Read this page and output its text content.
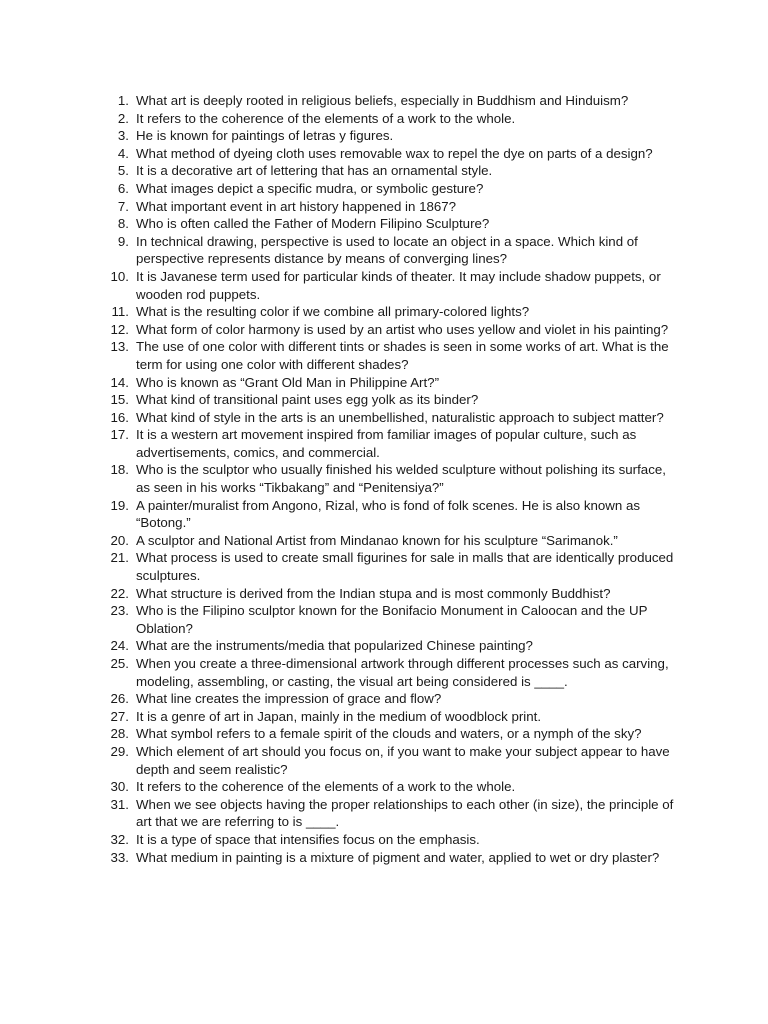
1. What art is deeply rooted in religious beliefs, especially in Buddhism and Hinduism?
2. It refers to the coherence of the elements of a work to the whole.
3. He is known for paintings of letras y figures.
4. What method of dyeing cloth uses removable wax to repel the dye on parts of a design?
5. It is a decorative art of lettering that has an ornamental style.
6. What images depict a specific mudra, or symbolic gesture?
7. What important event in art history happened in 1867?
8. Who is often called the Father of Modern Filipino Sculpture?
9. In technical drawing, perspective is used to locate an object in a space. Which kind of perspective represents distance by means of converging lines?
10. It is Javanese term used for particular kinds of theater. It may include shadow puppets, or wooden rod puppets.
11. What is the resulting color if we combine all primary-colored lights?
12. What form of color harmony is used by an artist who uses yellow and violet in his painting?
13. The use of one color with different tints or shades is seen in some works of art. What is the term for using one color with different shades?
14. Who is known as “Grant Old Man in Philippine Art?”
15. What kind of transitional paint uses egg yolk as its binder?
16. What kind of style in the arts is an unembellished, naturalistic approach to subject matter?
17. It is a western art movement inspired from familiar images of popular culture, such as advertisements, comics, and commercial.
18. Who is the sculptor who usually finished his welded sculpture without polishing its surface, as seen in his works “Tikbakang” and “Penitensiya?”
19. A painter/muralist from Angono, Rizal, who is fond of folk scenes. He is also known as “Botong.”
20. A sculptor and National Artist from Mindanao known for his sculpture “Sarimanok.”
21. What process is used to create small figurines for sale in malls that are identically produced sculptures.
22. What structure is derived from the Indian stupa and is most commonly Buddhist?
23. Who is the Filipino sculptor known for the Bonifacio Monument in Caloocan and the UP Oblation?
24. What are the instruments/media that popularized Chinese painting?
25. When you create a three-dimensional artwork through different processes such as carving, modeling, assembling, or casting, the visual art being considered is ____.
26. What line creates the impression of grace and flow?
27. It is a genre of art in Japan, mainly in the medium of woodblock print.
28. What symbol refers to a female spirit of the clouds and waters, or a nymph of the sky?
29. Which element of art should you focus on, if you want to make your subject appear to have depth and seem realistic?
30. It refers to the coherence of the elements of a work to the whole.
31. When we see objects having the proper relationships to each other (in size), the principle of art that we are referring to is ____.
32. It is a type of space that intensifies focus on the emphasis.
33. What medium in painting is a mixture of pigment and water, applied to wet or dry plaster?
